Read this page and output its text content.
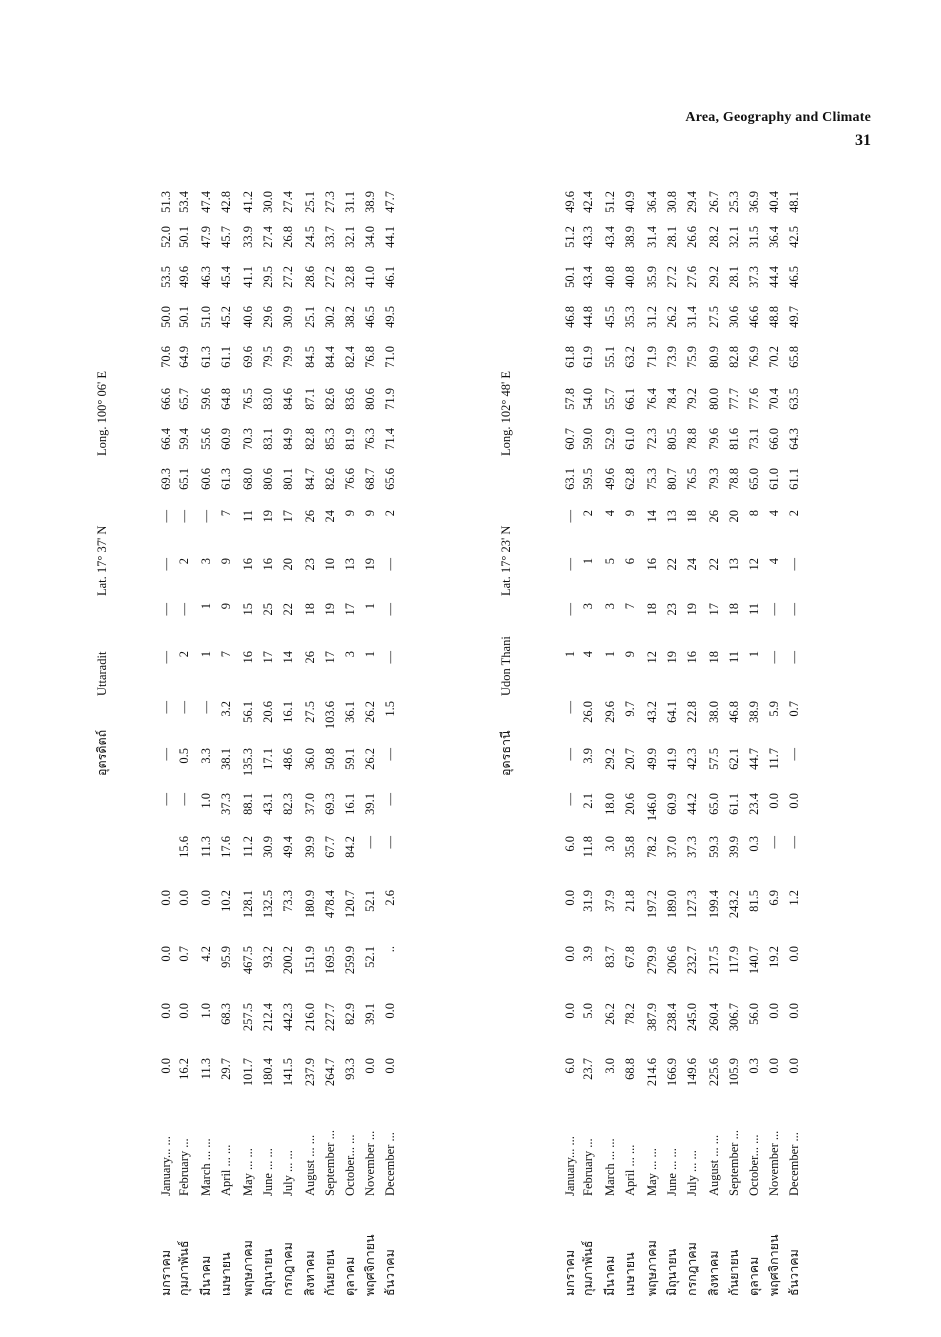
Area, Geography and Climate
31
อุตรดิตถ์
Uttaradit
Lat. 17° 37' N
Long. 100° 06' E
มกราคม
January... ...
0.0
0.0
0.0
0.0
—
—
—
—
—
—
—
69.3
66.4
66.6
70.6
50.0
53.5
52.0
51.3
กุมภาพันธ์
February ...
16.2
0.0
0.7
0.0
15.6
—
0.5
—
2
—
2
—
65.1
59.4
65.7
64.9
50.1
49.6
50.1
53.4
มีนาคม
March ... ...
11.3
1.0
4.2
0.0
11.3
1.0
3.3
—
1
1
3
—
60.6
55.6
59.6
61.3
51.0
46.3
47.9
47.4
เมษายน
April ... ...
29.7
68.3
95.9
10.2
17.6
37.3
38.1
3.2
7
9
9
7
61.3
60.9
64.8
61.1
45.2
45.4
45.7
42.8
พฤษภาคม
May ... ...
101.7
257.5
467.5
128.1
11.2
88.1
135.3
56.1
16
15
16
11
68.0
70.3
76.5
69.6
40.6
41.1
33.9
41.2
มิถุนายน
June ... ...
180.4
212.4
93.2
132.5
30.9
43.1
17.1
20.6
17
25
16
19
80.6
83.1
83.0
79.5
29.6
29.5
27.4
30.0
กรกฎาคม
July ... ...
141.5
442.3
200.2
73.3
49.4
82.3
48.6
16.1
14
22
20
17
80.1
84.9
84.6
79.9
30.9
27.2
26.8
27.4
สิงหาคม
August ... ...
237.9
216.0
151.9
180.9
39.9
37.0
36.0
27.5
26
18
23
26
84.7
82.8
87.1
84.5
25.1
28.6
24.5
25.1
กันยายน
September ...
264.7
227.7
169.5
478.4
67.7
69.3
50.8
103.6
17
19
10
24
82.6
85.3
82.6
84.4
30.2
27.2
33.7
27.3
ตุลาคม
October... ...
93.3
82.9
259.9
120.7
84.2
16.1
59.1
36.1
3
17
13
9
76.6
81.9
83.6
82.4
38.2
32.8
32.1
31.1
พฤศจิกายน
November ...
0.0
39.1
52.1
52.1
—
39.1
26.2
26.2
1
1
19
9
68.7
76.3
80.6
76.8
46.5
41.0
34.0
38.9
ธันวาคม
December ...
0.0
0.0
..
2.6
—
—
—
1.5
—
—
—
2
65.6
71.4
71.9
71.0
49.5
46.1
44.1
47.7
อุดรธานี
Udon Thani
Lat. 17° 23' N
Long. 102° 48' E
มกราคม
January... ...
6.0
0.0
0.0
0.0
6.0
—
—
—
1
—
—
—
63.1
60.7
57.8
61.8
46.8
50.1
51.2
49.6
กุมภาพันธ์
February ...
23.7
5.0
3.9
31.9
11.8
2.1
3.9
26.0
4
3
1
2
59.5
59.0
54.0
61.9
44.8
43.4
43.3
42.4
มีนาคม
March ... ...
3.0
26.2
83.7
37.9
3.0
18.0
29.2
29.6
1
3
5
4
49.6
52.9
55.7
55.1
45.5
40.8
43.4
51.2
เมษายน
April ... ...
68.8
78.2
67.8
21.8
35.8
20.6
20.7
9.7
9
7
6
9
62.8
61.0
66.1
63.2
35.3
40.8
38.9
40.9
พฤษภาคม
May ... ...
214.6
387.9
279.9
197.2
78.2
146.0
49.9
43.2
12
18
16
14
75.3
72.3
76.4
71.9
31.2
35.9
31.4
36.4
มิถุนายน
June ... ...
166.9
238.4
206.6
189.0
37.0
60.9
41.9
64.1
19
23
22
13
80.7
80.5
78.4
73.9
26.2
27.2
28.1
30.8
กรกฎาคม
July ... ...
149.6
245.0
232.7
127.3
37.3
44.2
42.3
22.8
16
19
24
18
76.5
78.8
79.2
75.9
31.4
27.6
26.6
29.4
สิงหาคม
August ... ...
225.6
260.4
217.5
199.4
59.3
65.0
57.5
38.0
18
17
22
26
79.3
79.6
80.0
80.9
27.5
29.2
28.2
26.7
กันยายน
September ...
105.9
306.7
117.9
243.2
39.9
61.1
62.1
46.8
11
18
13
20
78.8
81.6
77.7
82.8
30.6
28.1
32.1
25.3
ตุลาคม
October... ...
0.3
56.0
140.7
81.5
0.3
23.4
44.7
38.9
1
11
12
8
65.0
73.1
77.6
76.9
46.6
37.3
31.5
36.9
พฤศจิกายน
November ...
0.0
0.0
19.2
6.9
—
0.0
11.7
5.9
—
—
4
4
61.0
66.0
70.4
70.2
48.8
44.4
36.4
40.4
ธันวาคม
December ...
0.0
0.0
0.0
1.2
—
0.0
—
0.7
—
—
—
2
61.1
64.3
63.5
65.8
49.7
46.5
42.5
48.1
